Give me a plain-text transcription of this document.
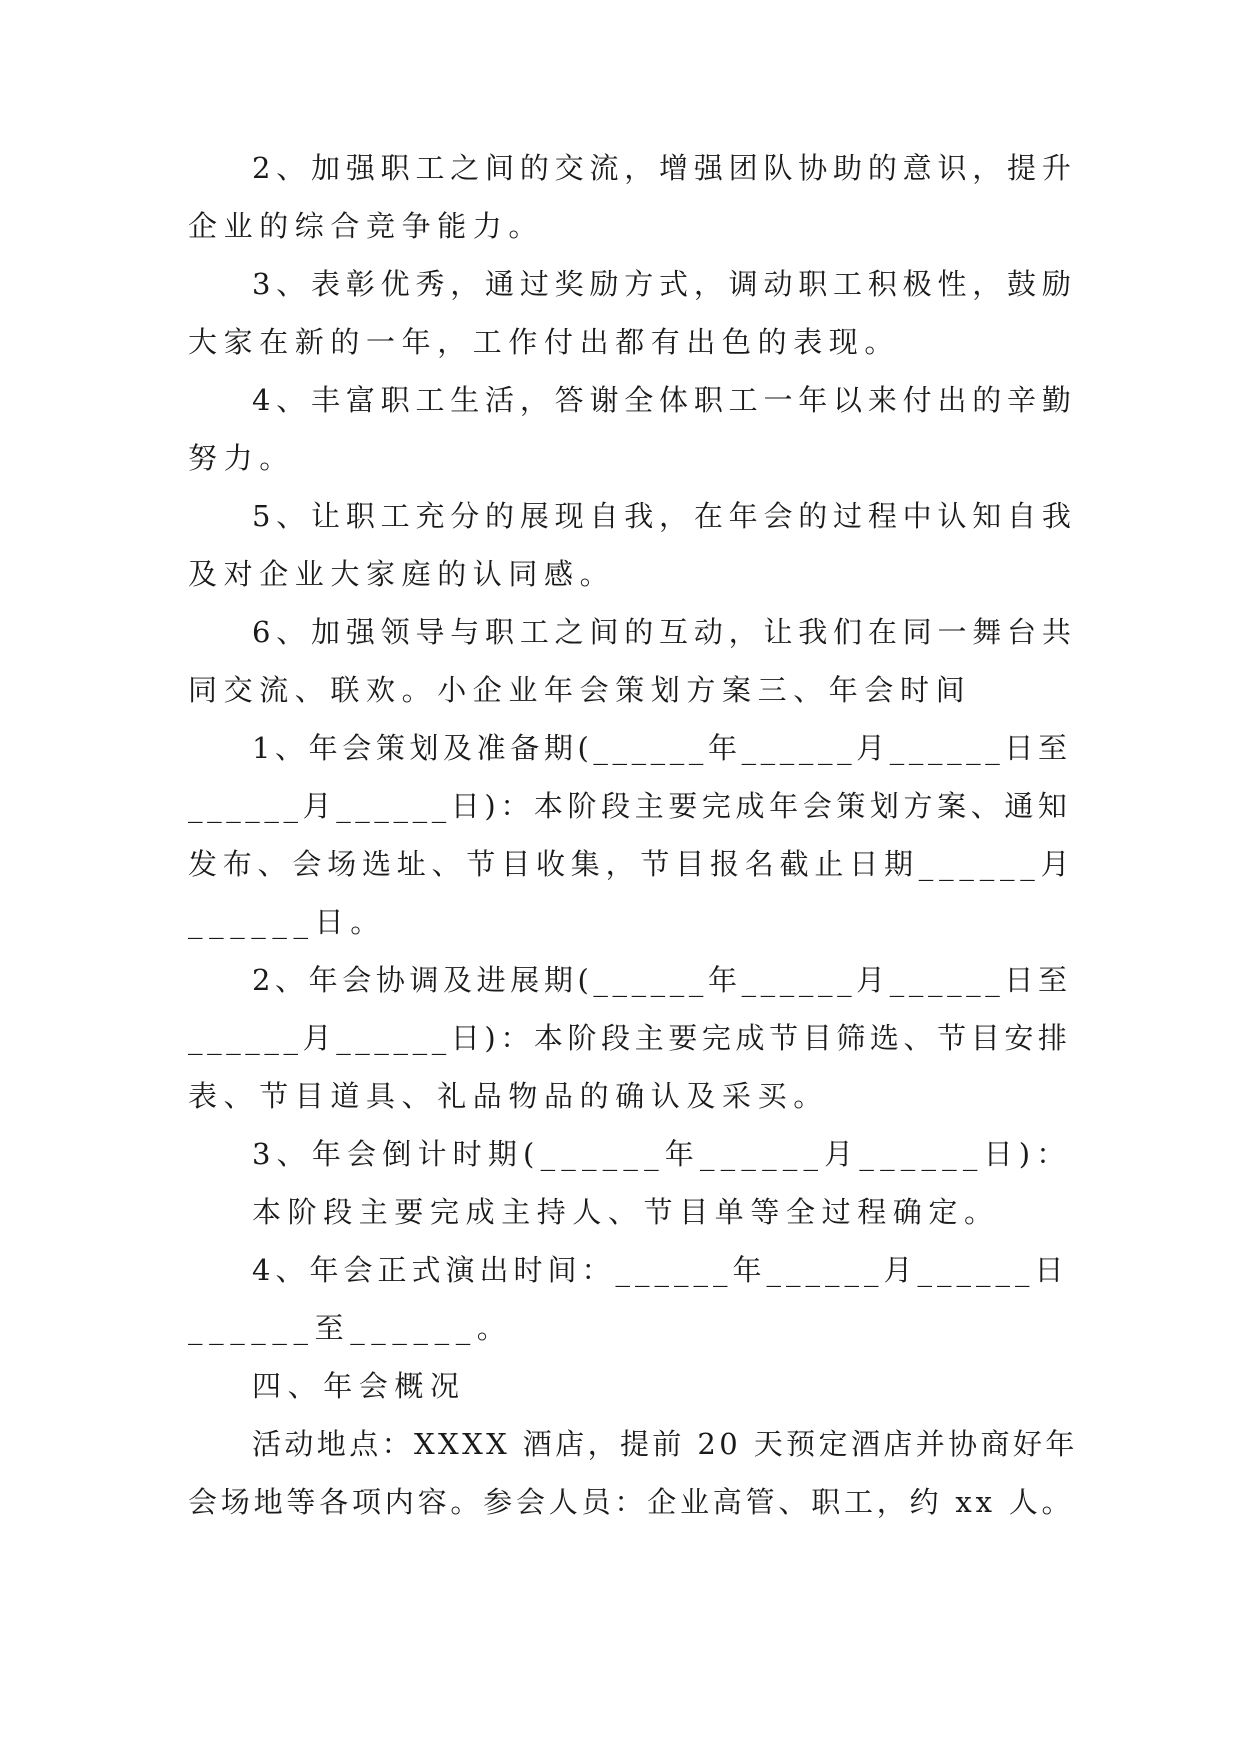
2、加强职工之间的交流，增强团队协助的意识，提升
企业的综合竞争能力。
3、表彰优秀，通过奖励方式，调动职工积极性，鼓励
大家在新的一年，工作付出都有出色的表现。
4、丰富职工生活，答谢全体职工一年以来付出的辛勤
努力。
5、让职工充分的展现自我，在年会的过程中认知自我
及对企业大家庭的认同感。
6、加强领导与职工之间的互动，让我们在同一舞台共
同交流、联欢。小企业年会策划方案三、年会时间
1、年会策划及准备期(______年______月______日至
______月______日)：本阶段主要完成年会策划方案、通知
发布、会场选址、节目收集，节目报名截止日期______月
______日。
2、年会协调及进展期(______年______月______日至
______月______日)：本阶段主要完成节目筛选、节目安排
表、节目道具、礼品物品的确认及采买。
3、年会倒计时期(______年______月______日)：
本阶段主要完成主持人、节目单等全过程确定。
4、年会正式演出时间：______年______月______日
______至______。
四、年会概况
活动地点：XXXX 酒店，提前 20 天预定酒店并协商好年
会场地等各项内容。参会人员：企业高管、职工，约 xx 人。
